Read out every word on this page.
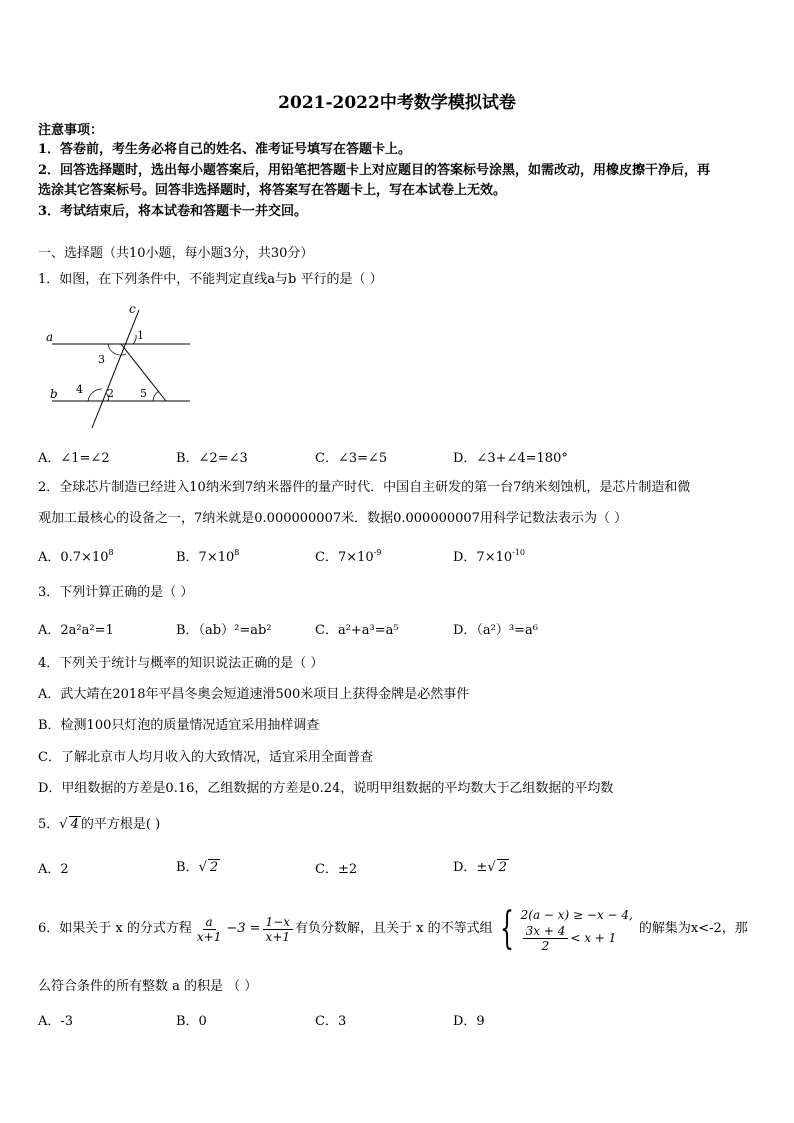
2021-2022中考数学模拟试卷
注意事项：
1．答卷前，考生务必将自己的姓名、准考证号填写在答题卡上。
2．回答选择题时，选出每小题答案后，用铅笔把答题卡上对应题目的答案标号涂黑，如需改动，用橡皮擦干净后，再
选涂其它答案标号。回答非选择题时，将答案写在答题卡上，写在本试卷上无效。
3．考试结束后，将本试卷和答题卡一并交回。
一、选择题（共10小题，每小题3分，共30分）
1．如图，在下列条件中，不能判定直线a与b 平行的是（ ）
a
b
c
1
3
4 2 5
A．∠1=∠2	B．∠2=∠3	C．∠3=∠5	D．∠3+∠4=180°
2．全球芯片制造已经进入10纳米到7纳米器件的量产时代．中国自主研发的第一台7纳米刻蚀机，是芯片制造和微
观加工最核心的设备之一，7纳米就是0.000000007米．数据0.000000007用科学记数法表示为（ ）
A．$0.7\times 10^8$	B．$7\times 10^8$	C．$7\times 10^{-9}$	D．$7\times 10^{-10}$
3．下列计算正确的是（ ）
A．2a²a²=1	B．（ab）²=ab²	C．a²+a³=a⁵	D．（a²）³=a⁶
4．下列关于统计与概率的知识说法正确的是（ ）
A．武大靖在2018年平昌冬奥会短道速滑500米项目上获得金牌是必然事件
B．检测100只灯泡的质量情况适宜采用抽样调查
C．了解北京市人均月收入的大致情况，适宜采用全面普查
D．甲组数据的方差是0.16，乙组数据的方差是0.24，说明甲组数据的平均数大于乙组数据的平均数
5．√ 4 的平方根是( )
A．2	B．√ 2	C．±2	D．±√ 2
6．如果关于 x 的分式方程 $\frac{a}{x+1} -3 = \frac{1-x}{x+1}$ 有负分数解，且关于 x 的不等式组 { 2(a − x) ≥ −x − 4,
$\frac{3x + 4}{2} < x + 1$
的解集为x<-2，那
么符合条件的所有整数 a 的积是 （ ）
A．-3	B．0	C．3	D．9
